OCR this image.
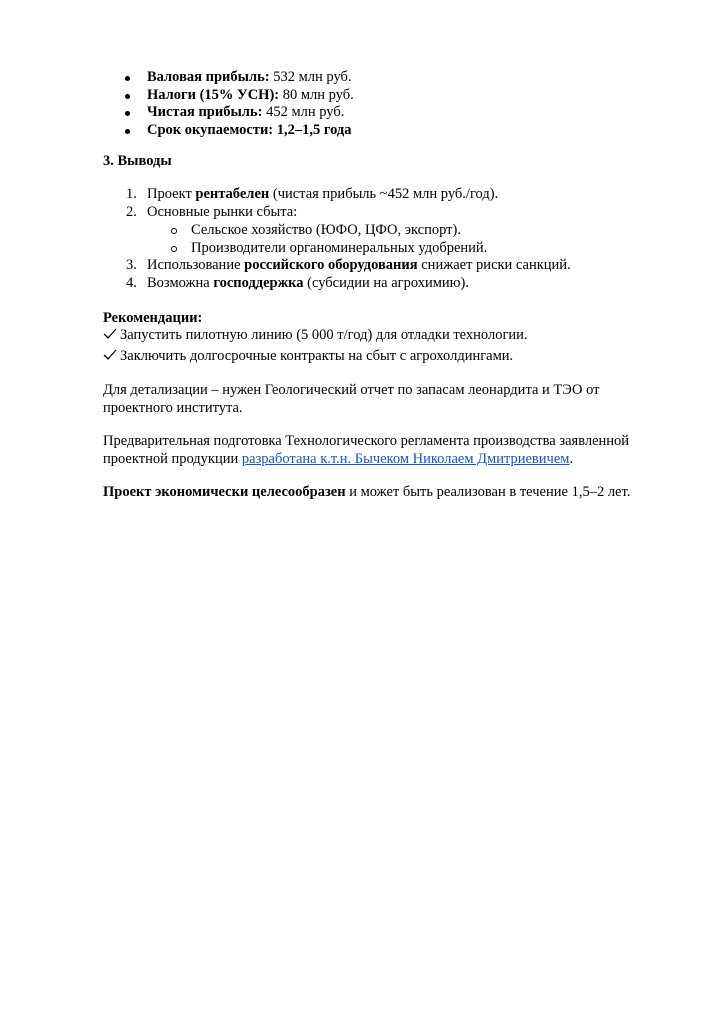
Валовая прибыль: 532 млн руб.
Налоги (15% УСН): 80 млн руб.
Чистая прибыль: 452 млн руб.
Срок окупаемости: 1,2–1,5 года
3. Выводы
1. Проект рентабелен (чистая прибыль ~452 млн руб./год).
2. Основные рынки сбыта:
Сельское хозяйство (ЮФО, ЦФО, экспорт).
Производители органоминеральных удобрений.
3. Использование российского оборудования снижает риски санкций.
4. Возможна господдержка (субсидии на агрохимию).
Рекомендации:
Запустить пилотную линию (5 000 т/год) для отладки технологии.
Заключить долгосрочные контракты на сбыт с агрохолдингами.

Для детализации – нужен Геологический отчет по запасам леонардита и ТЭО от проектного института.

Предварительная подготовка Технологического регламента производства заявленной проектной продукции разработана к.т.н. Бычеком Николаем Дмитриевичем.

Проект экономически целесообразен и может быть реализован в течение 1,5–2 лет.
